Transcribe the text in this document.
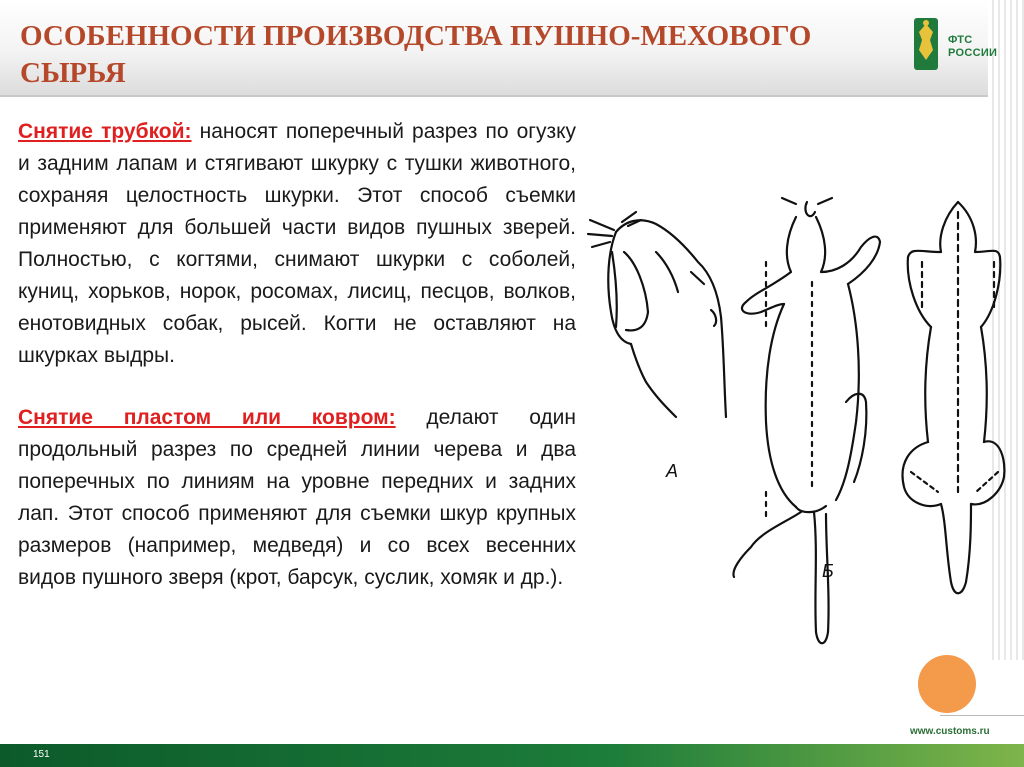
ОСОБЕННОСТИ ПРОИЗВОДСТВА ПУШНО-МЕХОВОГО СЫРЬЯ
ФТС
РОССИИ

Снятие трубкой: наносят поперечный разрез по огузку и задним лапам и стягивают шкурку с тушки животного, сохраняя целостность шкурки. Этот способ съемки применяют для большей части видов пушных зверей. Полностью, с когтями, снимают шкурки с соболей, куниц, хорьков, норок, росомах, лисиц, песцов, волков, енотовидных собак, рысей. Когти не оставляют на шкурках выдры.

Снятие пластом или ковром: делают один продольный разрез по средней линии черева и два поперечных по линиям на уровне передних и задних лап. Этот способ применяют для съемки шкур крупных размеров (например, медведя) и со всех весенних видов пушного зверя (крот, барсук, суслик, хомяк и др.).

А
Б
www.customs.ru
151
